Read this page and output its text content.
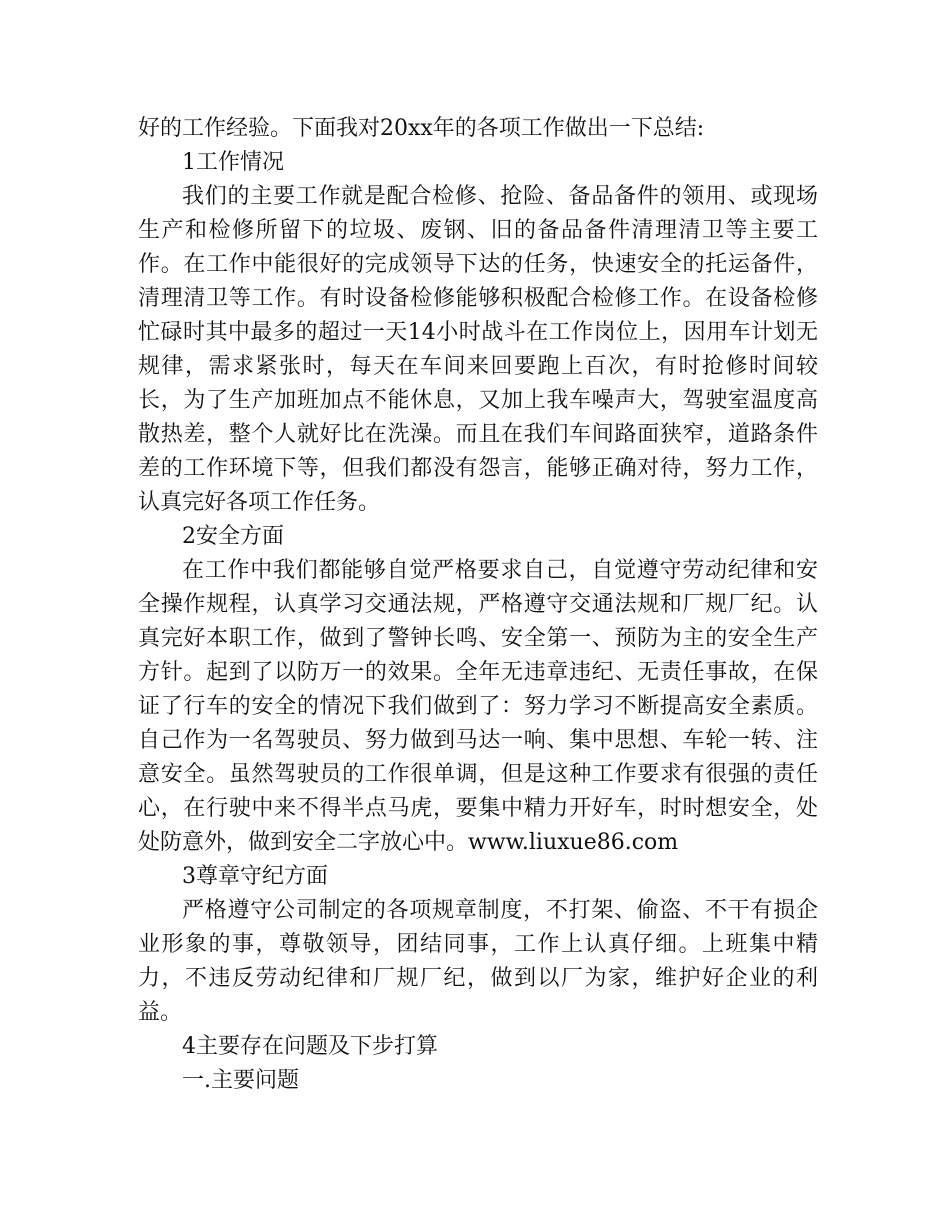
好的工作经验。下面我对20xx年的各项工作做出一下总结:

1工作情况

我们的主要工作就是配合检修、抢险、备品备件的领用、或现场生产和检修所留下的垃圾、废钢、旧的备品备件清理清卫等主要工作。在工作中能很好的完成领导下达的任务，快速安全的托运备件，清理清卫等工作。有时设备检修能够积极配合检修工作。在设备检修忙碌时其中最多的超过一天14小时战斗在工作岗位上，因用车计划无规律，需求紧张时，每天在车间来回要跑上百次，有时抢修时间较长，为了生产加班加点不能休息，又加上我车噪声大，驾驶室温度高散热差，整个人就好比在洗澡。而且在我们车间路面狭窄，道路条件差的工作环境下等，但我们都没有怨言，能够正确对待，努力工作，认真完好各项工作任务。

2安全方面

在工作中我们都能够自觉严格要求自己，自觉遵守劳动纪律和安全操作规程，认真学习交通法规，严格遵守交通法规和厂规厂纪。认真完好本职工作，做到了警钟长鸣、安全第一、预防为主的安全生产方针。起到了以防万一的效果。全年无违章违纪、无责任事故，在保证了行车的安全的情况下我们做到了：努力学习不断提高安全素质。自己作为一名驾驶员、努力做到马达一响、集中思想、车轮一转、注意安全。虽然驾驶员的工作很单调，但是这种工作要求有很强的责任心，在行驶中来不得半点马虎，要集中精力开好车，时时想安全，处处防意外，做到安全二字放心中。www.liuxue86.com

3尊章守纪方面

严格遵守公司制定的各项规章制度，不打架、偷盗、不干有损企业形象的事，尊敬领导，团结同事，工作上认真仔细。上班集中精力，不违反劳动纪律和厂规厂纪，做到以厂为家，维护好企业的利益。

4主要存在问题及下步打算

一.主要问题
